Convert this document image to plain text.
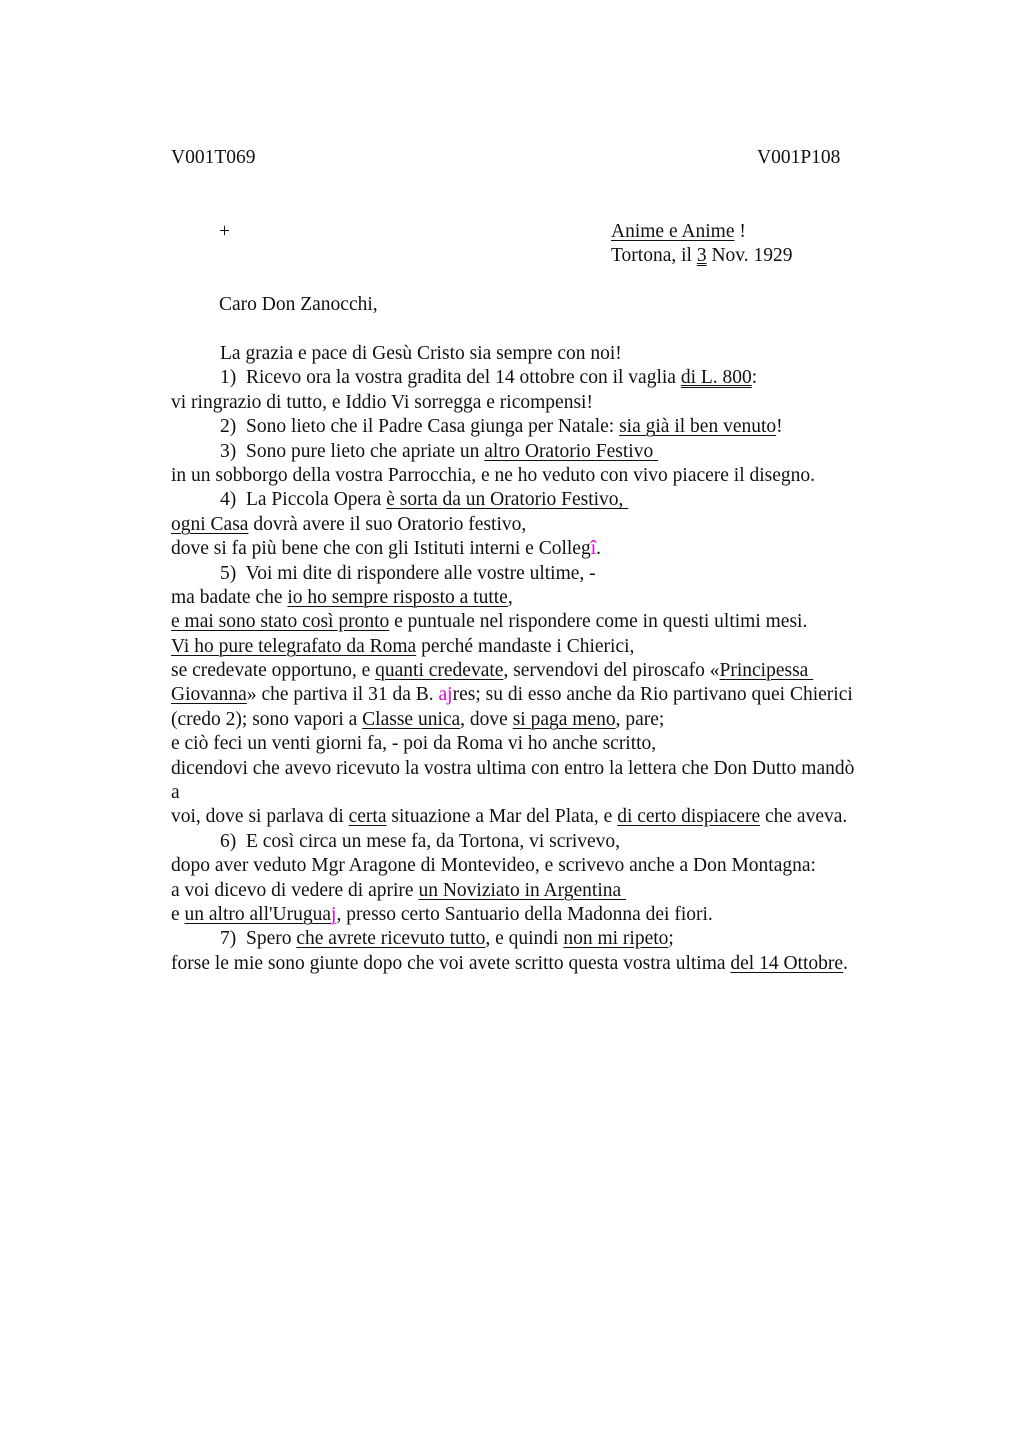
V001T069	V001P108
+	Anime e Anime !
Tortona, il 3 Nov. 1929
Caro Don Zanocchi,
La grazia e pace di Gesù Cristo sia sempre con noi!
1)  Ricevo ora la vostra gradita del 14 ottobre con il vaglia di L. 800:
vi ringrazio di tutto, e Iddio Vi sorregga e ricompensi!
2)  Sono lieto che il Padre Casa giunga per Natale: sia già il ben venuto!
3)  Sono pure lieto che apriate un altro Oratorio Festivo
in un sobborgo della vostra Parrocchia, e ne ho veduto con vivo piacere il disegno.
4)  La Piccola Opera è sorta da un Oratorio Festivo,
ogni Casa dovrà avere il suo Oratorio festivo,
dove si fa più bene che con gli Istituti interni e Collegî.
5)  Voi mi dite di rispondere alle vostre ultime, -
ma badate che io ho sempre risposto a tutte,
e mai sono stato così pronto e puntuale nel rispondere come in questi ultimi mesi.
Vi ho pure telegrafato da Roma perché mandaste i Chierici,
se credevate opportuno, e quanti credevate, servendovi del piroscafo «Principessa
Giovanna» che partiva il 31 da B. ajres; su di esso anche da Rio partivano quei Chierici
(credo 2); sono vapori a Classe unica, dove si paga meno, pare;
e ciò feci un venti giorni fa, - poi da Roma vi ho anche scritto,
dicendovi che avevo ricevuto la vostra ultima con entro la lettera che Don Dutto mandò
a
voi, dove si parlava di certa situazione a Mar del Plata, e di certo dispiacere che aveva.
6)  E così circa un mese fa, da Tortona, vi scrivevo,
dopo aver veduto Mgr Aragone di Montevideo, e scrivevo anche a Don Montagna:
a voi dicevo di vedere di aprire un Noviziato in Argentina
e un altro all'Uruguaj, presso certo Santuario della Madonna dei fiori.
7)  Spero che avrete ricevuto tutto, e quindi non mi ripeto;
forse le mie sono giunte dopo che voi avete scritto questa vostra ultima del 14 Ottobre.
